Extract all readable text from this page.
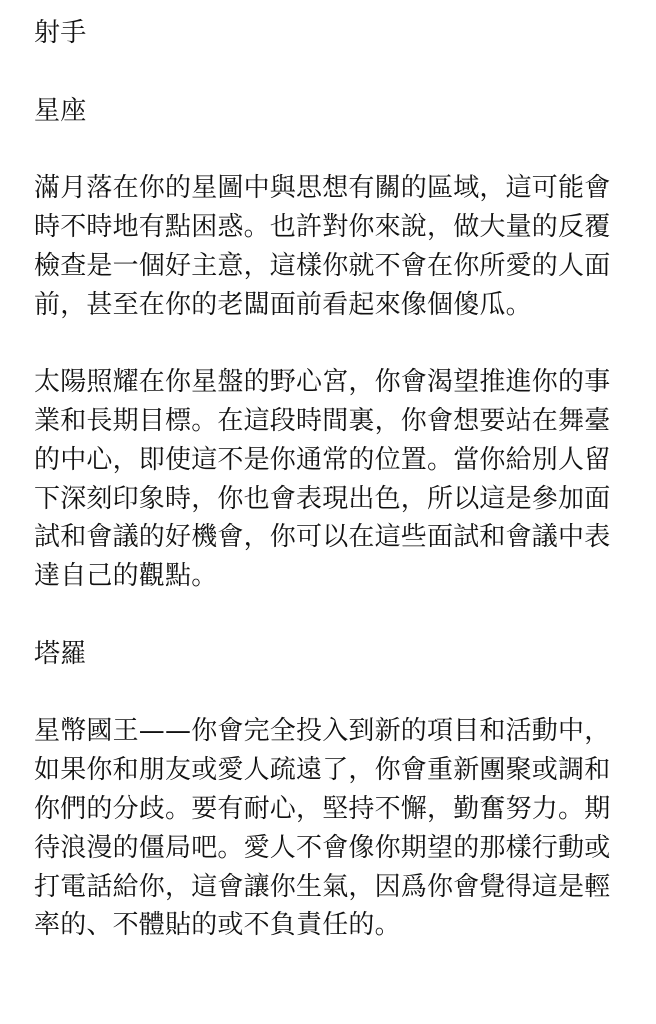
射手
星座
滿月落在你的星圖中與思想有關的區域，這可能會
時不時地有點困惑。也許對你來說，做大量的反覆
檢查是一個好主意，這樣你就不會在你所愛的人面
前，甚至在你的老闆面前看起來像個傻瓜。
太陽照耀在你星盤的野心宮，你會渴望推進你的事
業和長期目標。在這段時間裏，你會想要站在舞臺
的中心，即使這不是你通常的位置。當你給別人留
下深刻印象時，你也會表現出色，所以這是參加面
試和會議的好機會，你可以在這些面試和會議中表
達自己的觀點。
塔羅
星幣國王——你會完全投入到新的項目和活動中，
如果你和朋友或愛人疏遠了，你會重新團聚或調和
你們的分歧。要有耐心，堅持不懈，勤奮努力。期
待浪漫的僵局吧。愛人不會像你期望的那樣行動或
打電話給你，這會讓你生氣，因爲你會覺得這是輕
率的、不體貼的或不負責任的。
